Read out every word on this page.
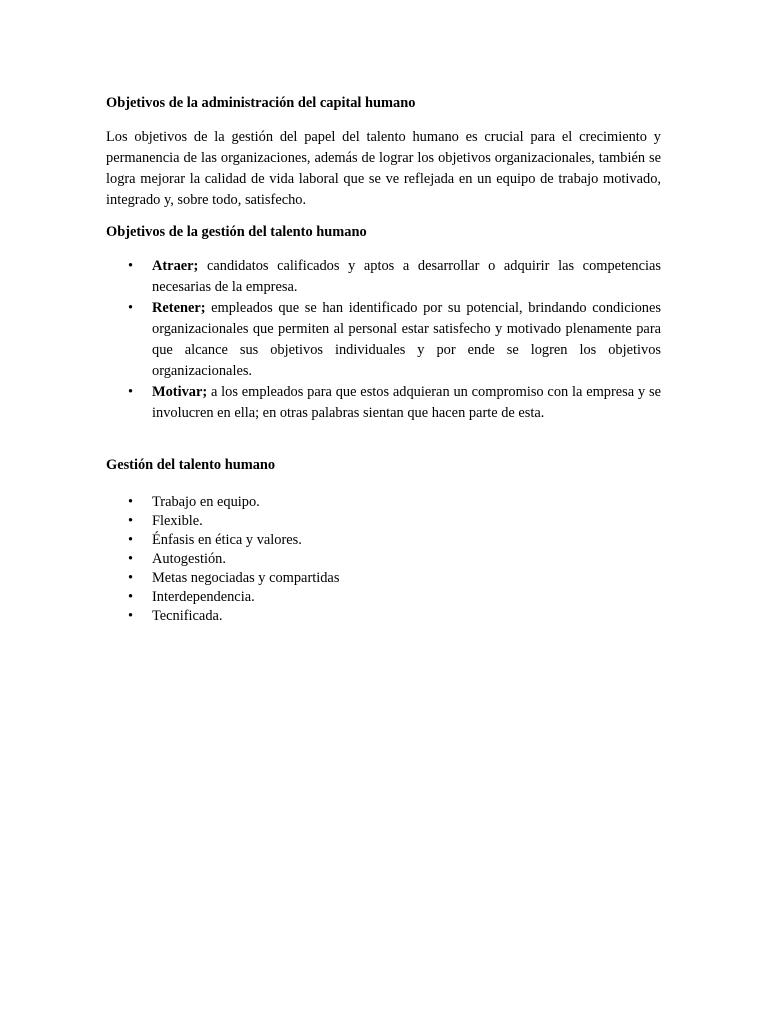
Objetivos de la administración del capital humano

Los objetivos de la gestión del papel del talento humano es crucial para el crecimiento y permanencia de las organizaciones, además de lograr los objetivos organizacionales, también se logra mejorar la calidad de vida laboral que se ve reflejada en un equipo de trabajo motivado, integrado y, sobre todo, satisfecho.

Objetivos de la gestión del talento humano

• Atraer; candidatos calificados y aptos a desarrollar o adquirir las competencias necesarias de la empresa.
• Retener; empleados que se han identificado por su potencial, brindando condiciones organizacionales que permiten al personal estar satisfecho y motivado plenamente para que alcance sus objetivos individuales y por ende se logren los objetivos organizacionales.
• Motivar; a los empleados para que estos adquieran un compromiso con la empresa y se involucren en ella; en otras palabras sientan que hacen parte de esta.

Gestión del talento humano

• Trabajo en equipo.
• Flexible.
• Énfasis en ética y valores.
• Autogestión.
• Metas negociadas y compartidas
• Interdependencia.
• Tecnificada.
